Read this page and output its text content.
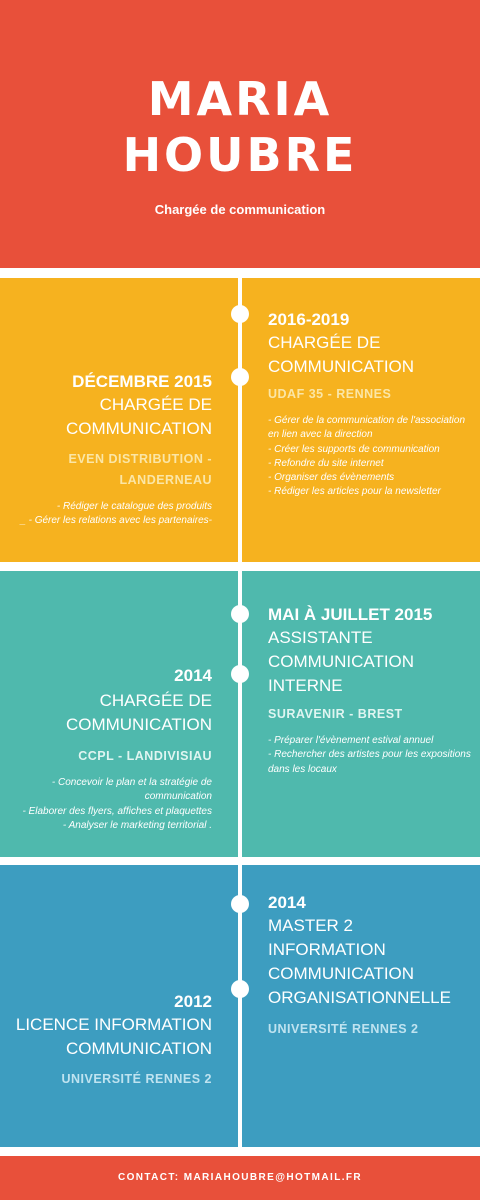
MARIA
HOUBRE
Chargée de communication
2016-2019
CHARGÉE DE
COMMUNICATION
UDAF 35 - RENNES
- Gérer de la communication de l'association en lien avec la direction
- Créer les supports de communication
- Refondre du site internet
- Organiser des évènements
- Rédiger les articles pour la newsletter
DÉCEMBRE 2015
CHARGÉE DE
COMMUNICATION
EVEN DISTRIBUTION -
LANDERNEAU
- Rédiger le catalogue des produits
_ - Gérer les relations avec les partenaires-
MAI À JUILLET 2015
ASSISTANTE
COMMUNICATION INTERNE
SURAVENIR - BREST
- Préparer l'évènement estival annuel
- Rechercher des artistes pour les expositions dans les locaux
2014
CHARGÉE DE COMMUNICATION
CCPL - LANDIVISIAU
- Concevoir le plan et la stratégie de communication
- Elaborer des flyers, affiches et plaquettes
- Analyser le marketing territorial .
2014
MASTER 2 INFORMATION
COMMUNICATION
ORGANISATIONNELLE
UNIVERSITÉ RENNES 2
2012
LICENCE INFORMATION
COMMUNICATION
UNIVERSITÉ RENNES 2
CONTACT: MARIAHOUBRE@HOTMAIL.FR
